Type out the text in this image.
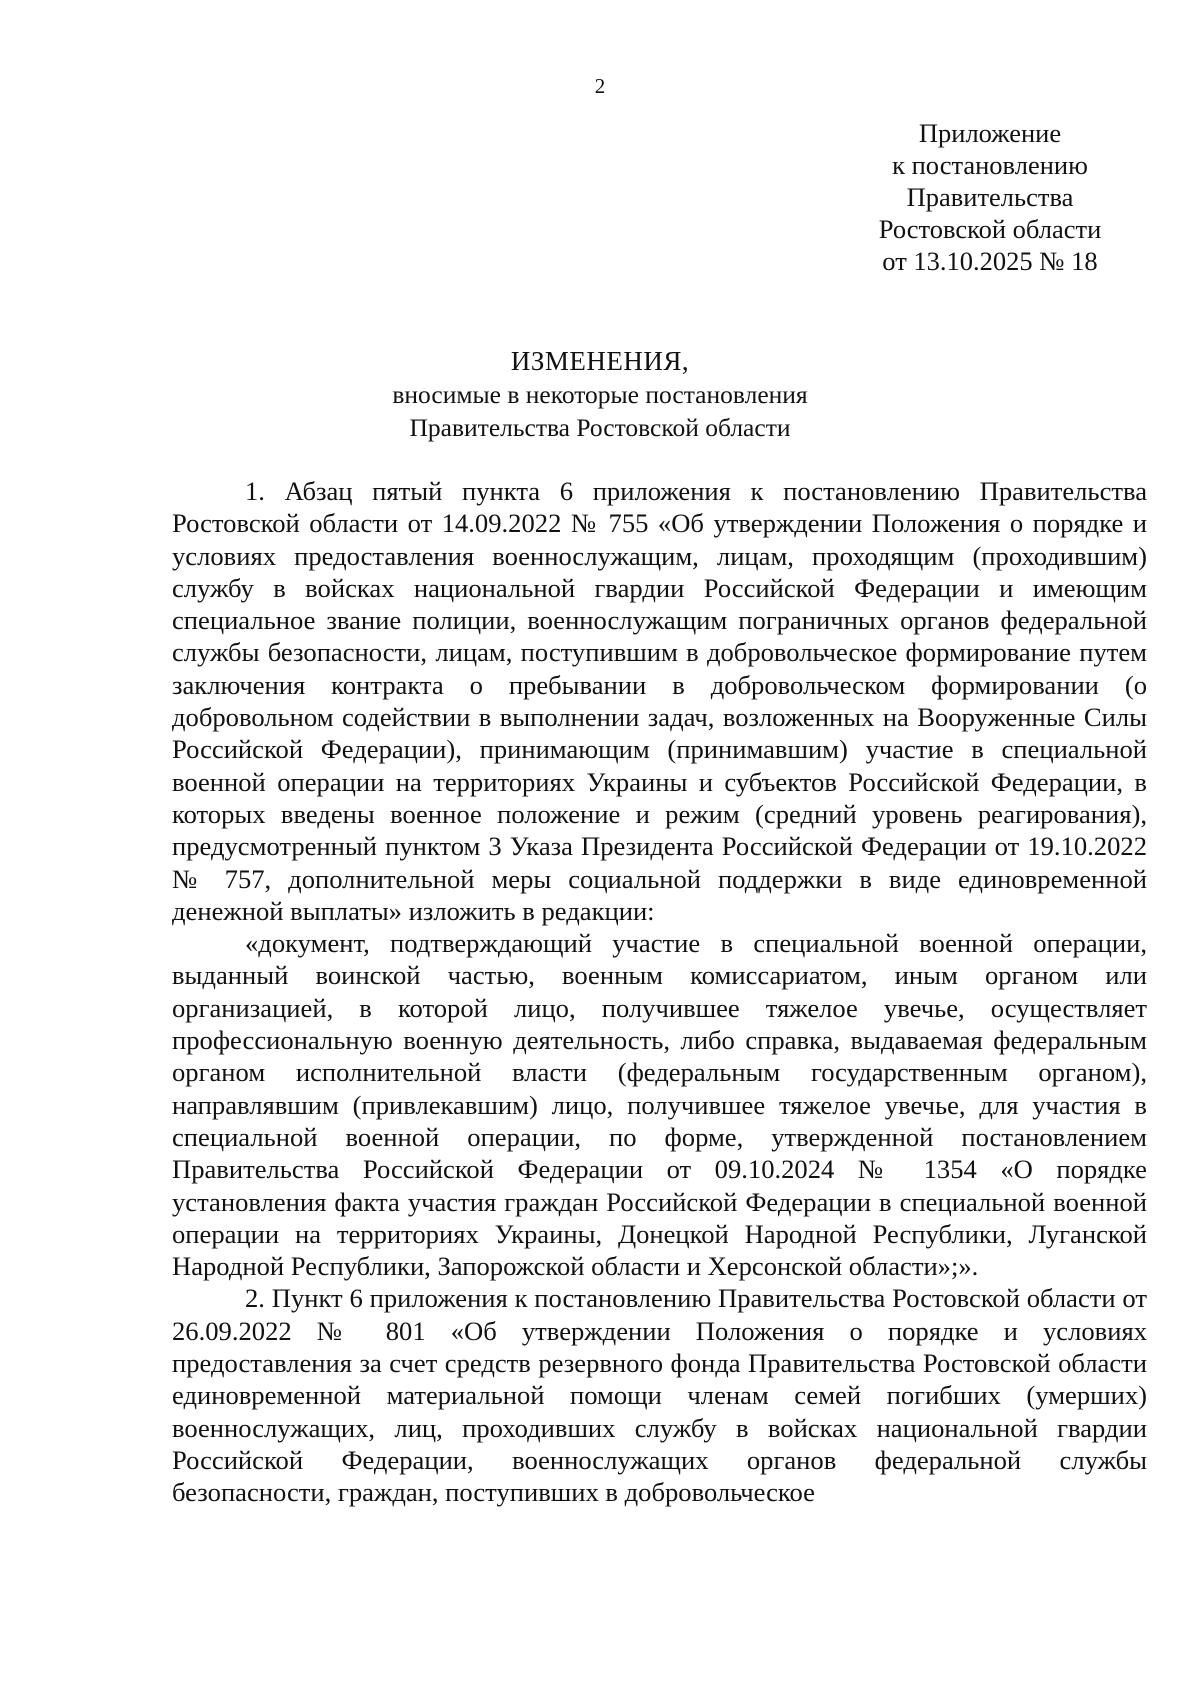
2
Приложение
к постановлению
Правительства
Ростовской области
от 13.10.2025 № 18
ИЗМЕНЕНИЯ,
вносимые в некоторые постановления
Правительства Ростовской области

1. Абзац пятый пункта 6 приложения к постановлению Правительства Ростовской области от 14.09.2022 № 755 «Об утверждении Положения о порядке и условиях предоставления военнослужащим, лицам, проходящим (проходившим) службу в войсках национальной гвардии Российской Федерации и имеющим специальное звание полиции, военнослужащим пограничных органов федеральной службы безопасности, лицам, поступившим в добровольческое формирование путем заключения контракта о пребывании в добровольческом формировании (о добровольном содействии в выполнении задач, возложенных на Вооруженные Силы Российской Федерации), принимающим (принимавшим) участие в специальной военной операции на территориях Украины и субъектов Российской Федерации, в которых введены военное положение и режим (средний уровень реагирования), предусмотренный пунктом 3 Указа Президента Российской Федерации от 19.10.2022 № 757, дополнительной меры социальной поддержки в виде единовременной денежной выплаты» изложить в редакции:

«документ, подтверждающий участие в специальной военной операции, выданный воинской частью, военным комиссариатом, иным органом или организацией, в которой лицо, получившее тяжелое увечье, осуществляет профессиональную военную деятельность, либо справка, выдаваемая федеральным органом исполнительной власти (федеральным государственным органом), направлявшим (привлекавшим) лицо, получившее тяжелое увечье, для участия в специальной военной операции, по форме, утвержденной постановлением Правительства Российской Федерации от 09.10.2024 № 1354 «О порядке установления факта участия граждан Российской Федерации в специальной военной операции на территориях Украины, Донецкой Народной Республики, Луганской Народной Республики, Запорожской области и Херсонской области»;».

2. Пункт 6 приложения к постановлению Правительства Ростовской области от 26.09.2022 № 801 «Об утверждении Положения о порядке и условиях предоставления за счет средств резервного фонда Правительства Ростовской области единовременной материальной помощи членам семей погибших (умерших) военнослужащих, лиц, проходивших службу в войсках национальной гвардии Российской Федерации, военнослужащих органов федеральной службы безопасности, граждан, поступивших в добровольческое
